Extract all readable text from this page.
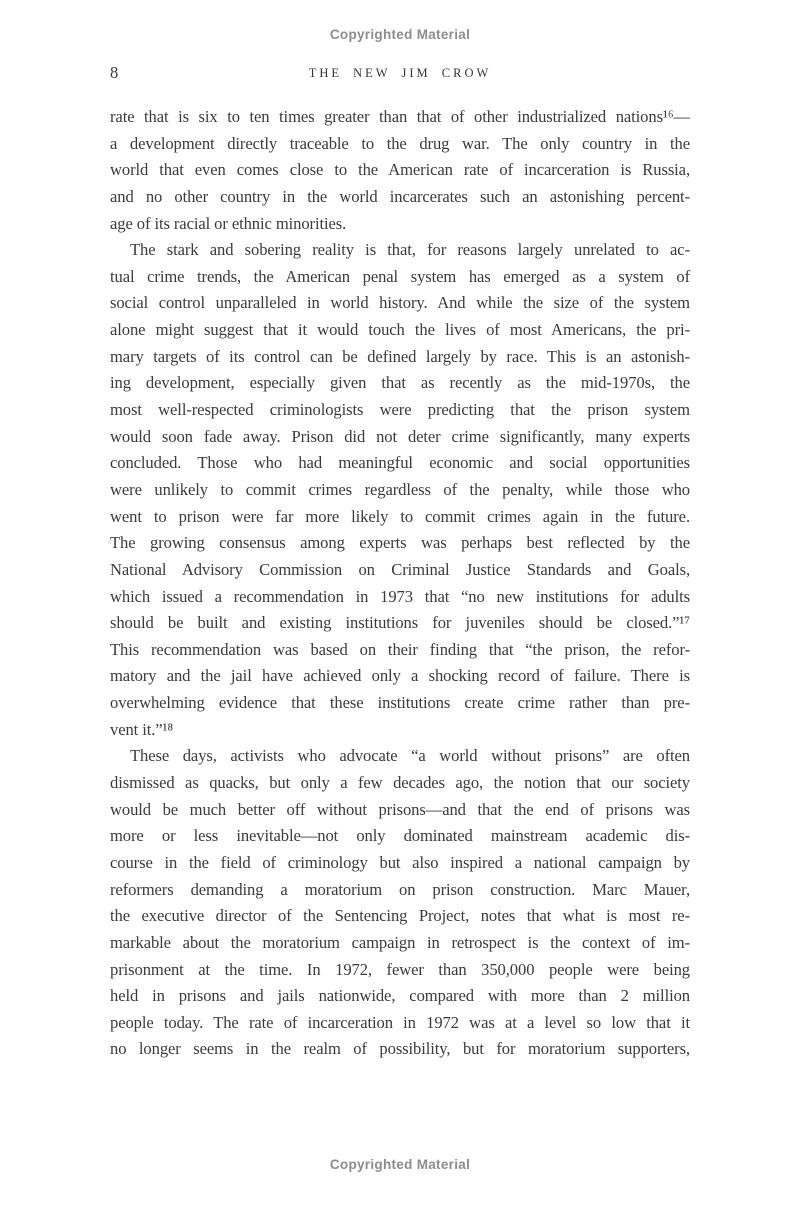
Copyrighted Material
8	THE NEW JIM CROW
rate that is six to ten times greater than that of other industrialized nations¹⁶—
a development directly traceable to the drug war. The only country in the
world that even comes close to the American rate of incarceration is Russia,
and no other country in the world incarcerates such an astonishing percent-
age of its racial or ethnic minorities.
The stark and sobering reality is that, for reasons largely unrelated to ac-
tual crime trends, the American penal system has emerged as a system of
social control unparalleled in world history. And while the size of the system
alone might suggest that it would touch the lives of most Americans, the pri-
mary targets of its control can be defined largely by race. This is an astonish-
ing development, especially given that as recently as the mid-1970s, the
most well-respected criminologists were predicting that the prison system
would soon fade away. Prison did not deter crime significantly, many experts
concluded. Those who had meaningful economic and social opportunities
were unlikely to commit crimes regardless of the penalty, while those who
went to prison were far more likely to commit crimes again in the future.
The growing consensus among experts was perhaps best reflected by the
National Advisory Commission on Criminal Justice Standards and Goals,
which issued a recommendation in 1973 that “no new institutions for adults
should be built and existing institutions for juveniles should be closed.”¹⁷
This recommendation was based on their finding that “the prison, the refor-
matory and the jail have achieved only a shocking record of failure. There is
overwhelming evidence that these institutions create crime rather than pre-
vent it.”¹⁸
These days, activists who advocate “a world without prisons” are often
dismissed as quacks, but only a few decades ago, the notion that our society
would be much better off without prisons—and that the end of prisons was
more or less inevitable—not only dominated mainstream academic dis-
course in the field of criminology but also inspired a national campaign by
reformers demanding a moratorium on prison construction. Marc Mauer,
the executive director of the Sentencing Project, notes that what is most re-
markable about the moratorium campaign in retrospect is the context of im-
prisonment at the time. In 1972, fewer than 350,000 people were being
held in prisons and jails nationwide, compared with more than 2 million
people today. The rate of incarceration in 1972 was at a level so low that it
no longer seems in the realm of possibility, but for moratorium supporters,
Copyrighted Material
